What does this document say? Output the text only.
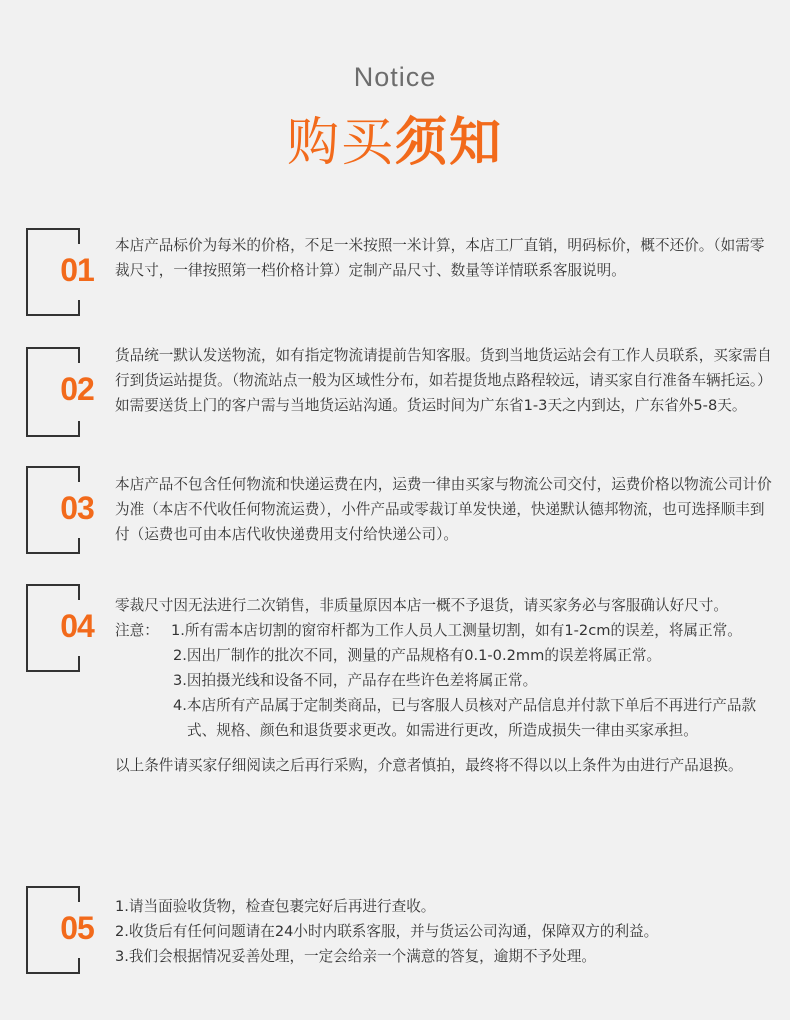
Notice
购买须知
01

本店产品标价为每米的价格，不足一米按照一米计算，本店工厂直销，明码标价，概不还价。（如需零裁尺寸，一律按照第一档价格计算）定制产品尺寸、数量等详情联系客服说明。

02

货品统一默认发送物流，如有指定物流请提前告知客服。货到当地货运站会有工作人员联系，买家需自行到货运站提货。（物流站点一般为区域性分布，如若提货地点路程较远，请买家自行准备车辆托运。）如需要送货上门的客户需与当地货运站沟通。货运时间为广东省1-3天之内到达，广东省外5-8天。

03

本店产品不包含任何物流和快递运费在内，运费一律由买家与物流公司交付，运费价格以物流公司计价为准（本店不代收任何物流运费），小件产品或零裁订单发快递，快递默认德邦物流，也可选择顺丰到付（运费也可由本店代收快递费用支付给快递公司）。

04

零裁尺寸因无法进行二次销售，非质量原因本店一概不予退货，请买家务必与客服确认好尺寸。

注意： 1.所有需本店切割的窗帘杆都为工作人员人工测量切割，如有1-2cm的误差，将属正常。
2.因出厂制作的批次不同，测量的产品规格有0.1-0.2mm的误差将属正常。
3.因拍摄光线和设备不同，产品存在些许色差将属正常。
4.本店所有产品属于定制类商品，已与客服人员核对产品信息并付款下单后不再进行产品款式、规格、颜色和退货要求更改。如需进行更改，所造成损失一律由买家承担。

以上条件请买家仔细阅读之后再行采购，介意者慎拍，最终将不得以以上条件为由进行产品退换。

05

1.请当面验收货物，检查包裹完好后再进行查收。

2.收货后有任何问题请在24小时内联系客服，并与货运公司沟通，保障双方的利益。

3.我们会根据情况妥善处理，一定会给亲一个满意的答复，逾期不予处理。
